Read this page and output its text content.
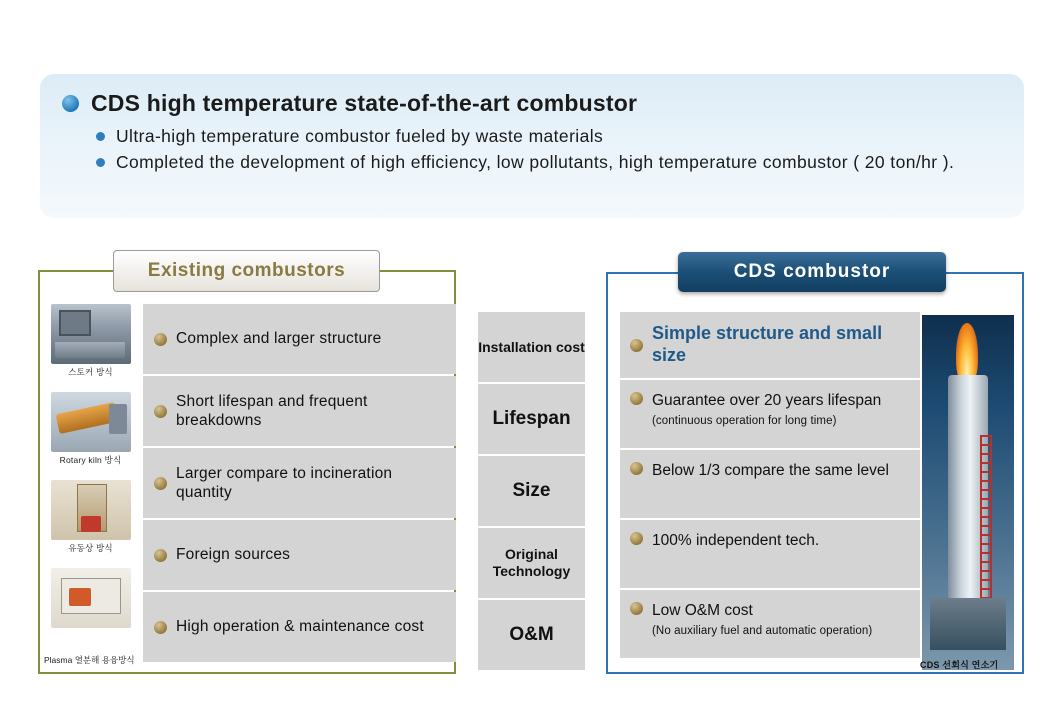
CDS high temperature state-of-the-art combustor
Ultra-high temperature combustor fueled by waste materials
Completed the development of high efficiency, low pollutants, high temperature combustor ( 20 ton/hr ).
Existing combustors
스토커 방식
Rotary kiln 방식
유동상 방식
Complex and larger structure
Short lifespan and frequent breakdowns
Larger compare to incineration quantity
Foreign sources
High operation & maintenance cost
Plasma 열분해 용융방식
Installation cost
Lifespan
Size
Original Technology
O&M
CDS combustor
Simple structure and small size
Guarantee over 20 years lifespan
(continuous operation for long time)
Below 1/3 compare the same level
100% independent tech.
Low O&M cost
(No auxiliary fuel and automatic operation)
CDS 선회식 연소기
